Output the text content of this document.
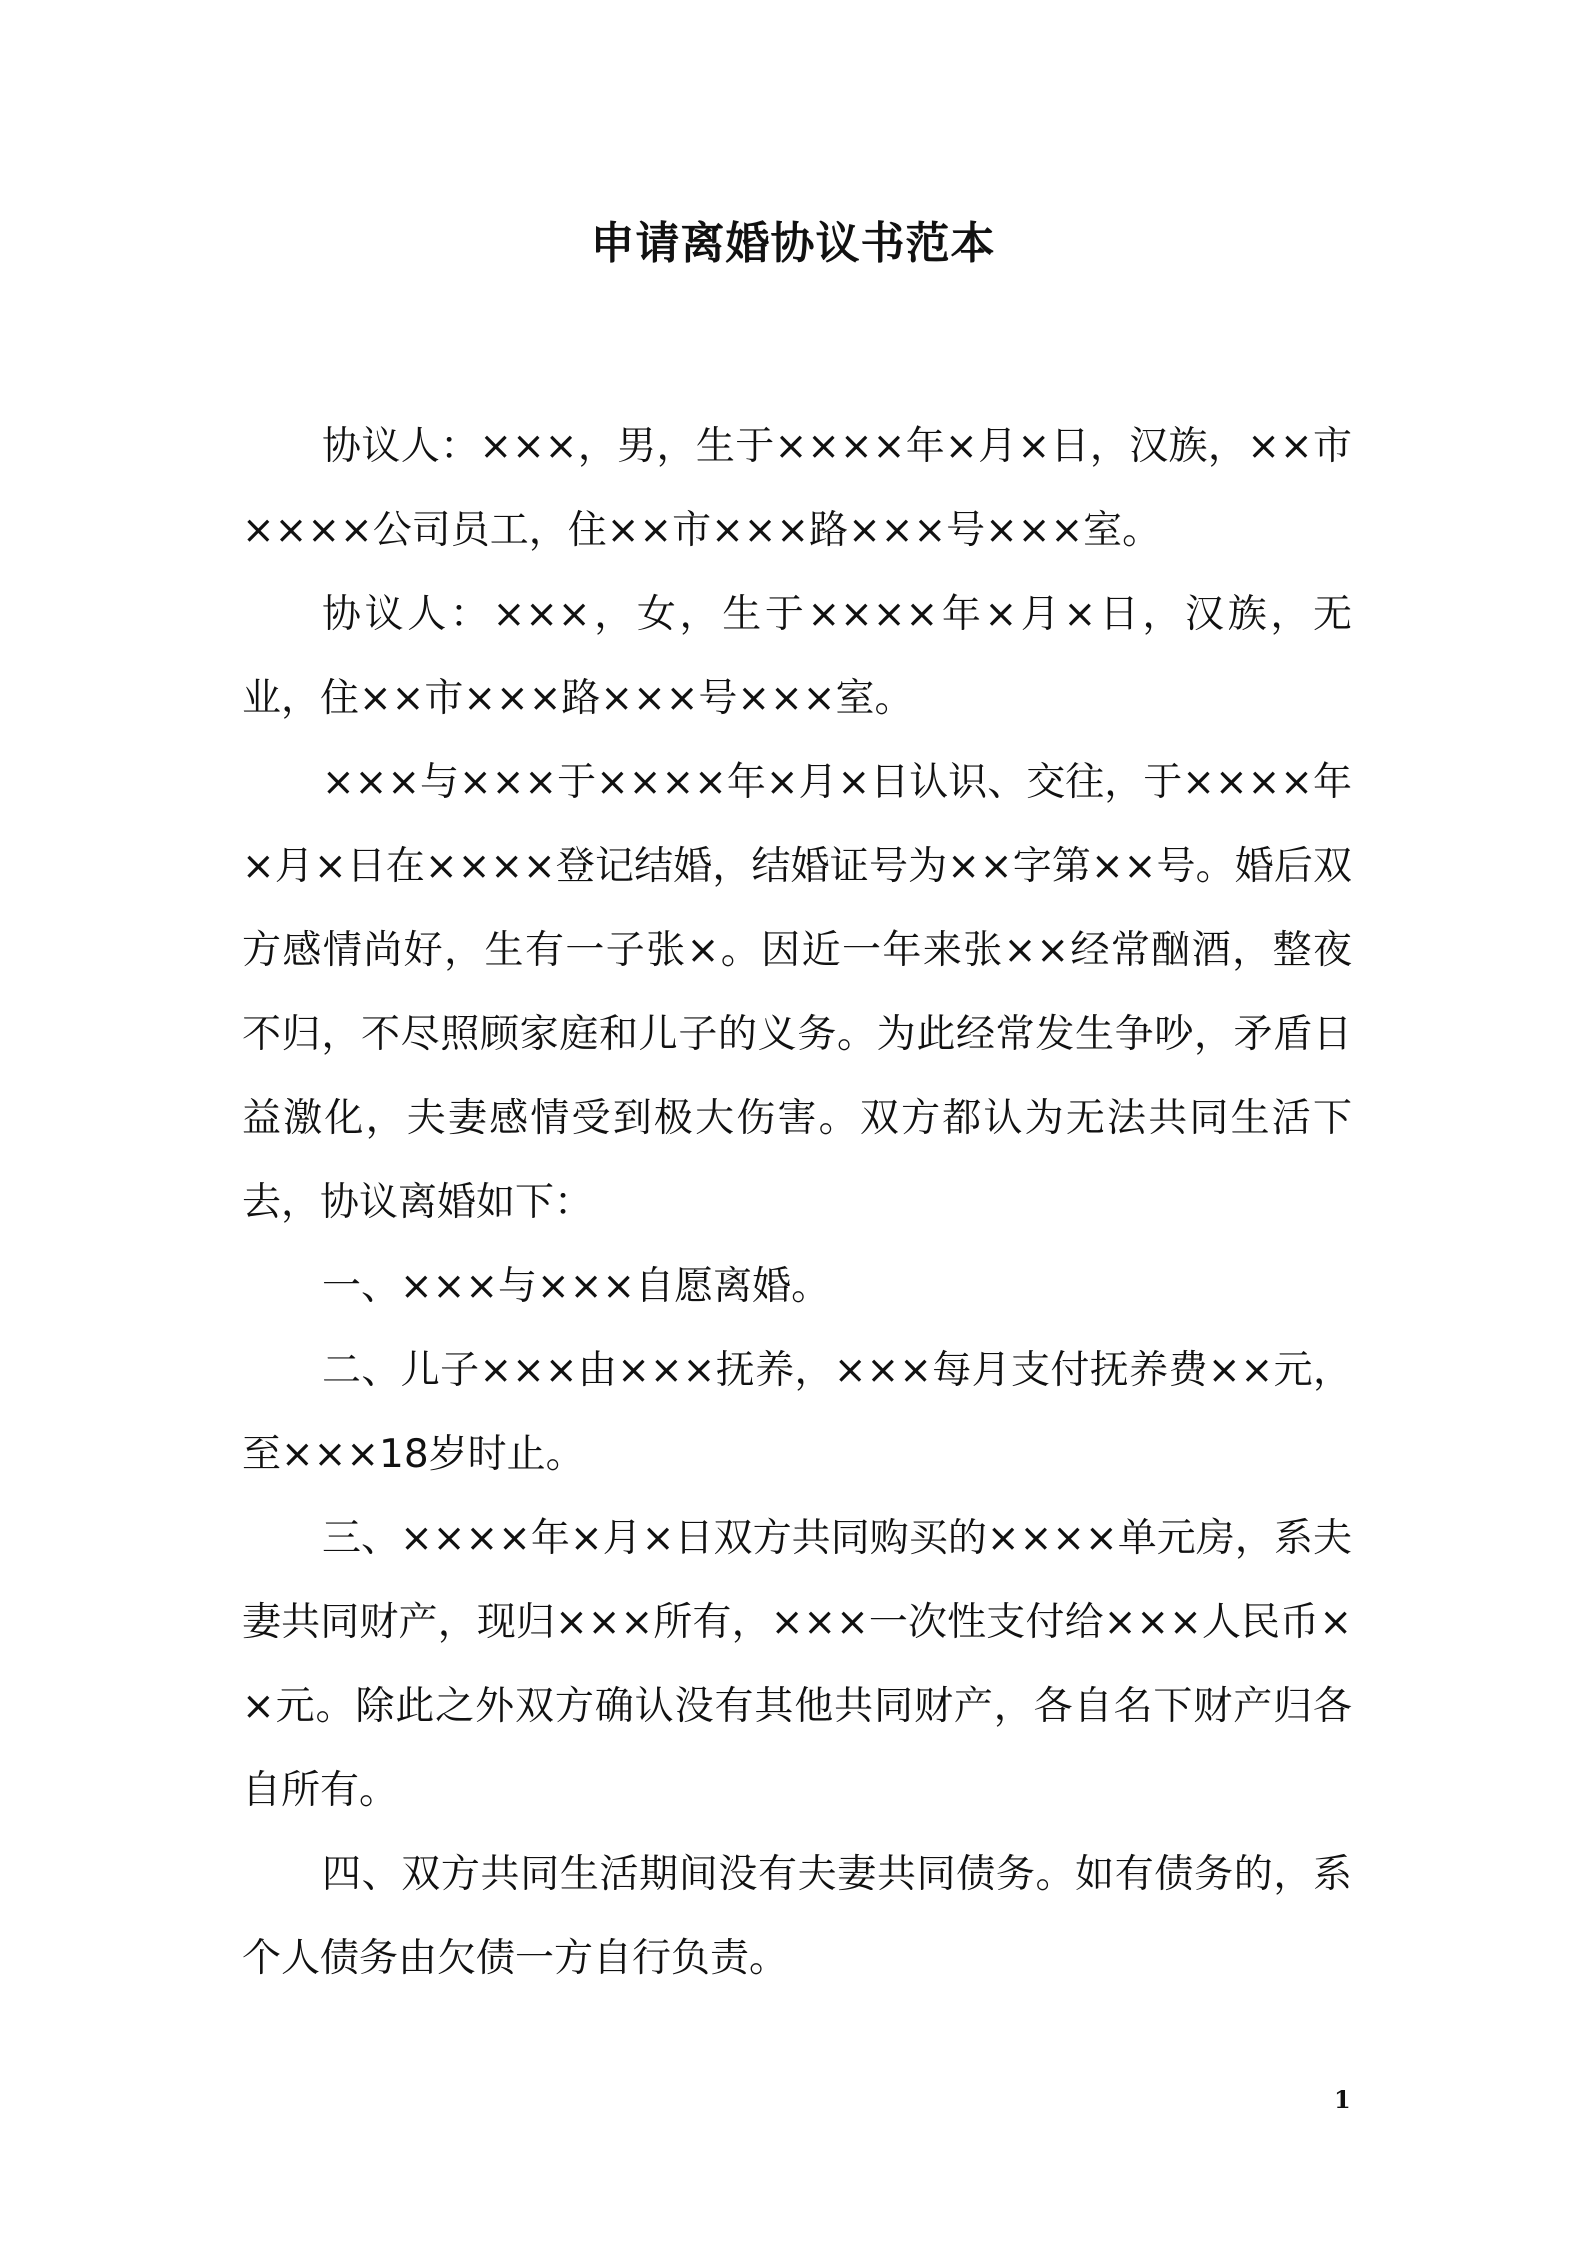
申请离婚协议书范本

协议人：×××，男，生于××××年×月×日，汉族，××市××××公司员工，住××市×××路×××号×××室。

协议人：×××，女，生于××××年×月×日，汉族，无业，住××市×××路×××号×××室。

×××与×××于××××年×月×日认识、交往，于××××年×月×日在××××登记结婚，结婚证号为××字第××号。婚后双方感情尚好，生有一子张×。因近一年来张××经常酗酒，整夜不归，不尽照顾家庭和儿子的义务。为此经常发生争吵，矛盾日益激化，夫妻感情受到极大伤害。双方都认为无法共同生活下去，协议离婚如下：

一、×××与×××自愿离婚。

二、儿子×××由×××抚养，×××每月支付抚养费××元，至×××18岁时止。

三、××××年×月×日双方共同购买的××××单元房，系夫妻共同财产，现归×××所有，×××一次性支付给×××人民币××元。除此之外双方确认没有其他共同财产，各自名下财产归各自所有。

四、双方共同生活期间没有夫妻共同债务。如有债务的，系个人债务由欠债一方自行负责。

1
